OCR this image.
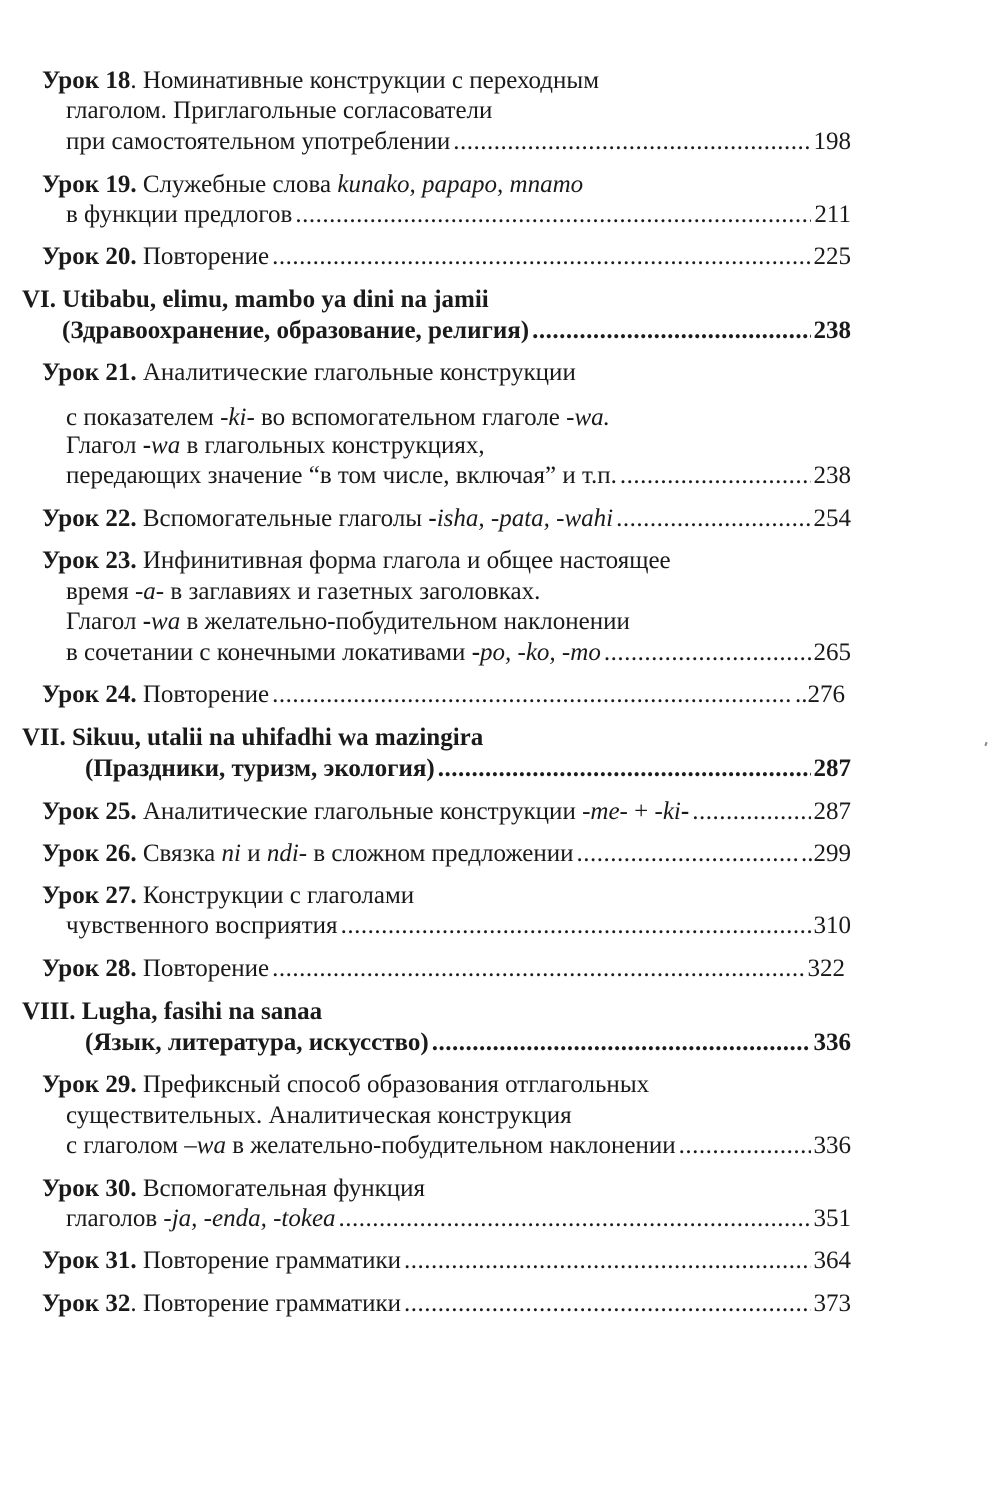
Урок 18. Номинативные конструкции с переходным
глаголом. Приглагольные согласователи
при самостоятельном употреблении .....	198
Урок 19. Служебные слова kunako, papapo, mnamo
в функции предлогов .....	211
Урок 20. Повторение .....	225
VI. Utibabu, elimu, mambo ya dini na jamii
(Здравоохранение, образование, религия) .....	238
Урок 21. Аналитические глагольные конструкции
с показателем -ki- во вспомогательном глаголе -wa.
Глагол -wa в глагольных конструкциях,
передающих значение “в том числе, включая” и т.п. .....	238
Урок 22. Вспомогательные глаголы -isha, -pata, -wahi .....	254
Урок 23. Инфинитивная форма глагола и общее настоящее
время -a- в заглавиях и газетных заголовках.
Глагол -wa в желательно-побудительном наклонении
в сочетании с конечными локативами -po, -ko, -mo .....	265
Урок 24. Повторение .....	..276
VII. Sikuu, utalii na uhifadhi wa mazingira
(Праздники, туризм, экология) .....	287
Урок 25. Аналитические глагольные конструкции -me- + -ki- .....	287
Урок 26. Связка ni и ndi- в сложном предложении .....	..299
Урок 27. Конструкции с глаголами
чувственного восприятия .....	310
Урок 28. Повторение .....	322
VIII. Lugha, fasihi na sanaa
(Язык, литература, искусство) .....	336
Урок 29. Префиксный способ образования отглагольных
существительных. Аналитическая конструкция
с глаголом –wa в желательно-побудительном наклонении .....	336
Урок 30. Вспомогательная функция
глаголов -ja, -enda, -tokea .....	351
Урок 31. Повторение грамматики .....	364
Урок 32. Повторение грамматики .....	373
